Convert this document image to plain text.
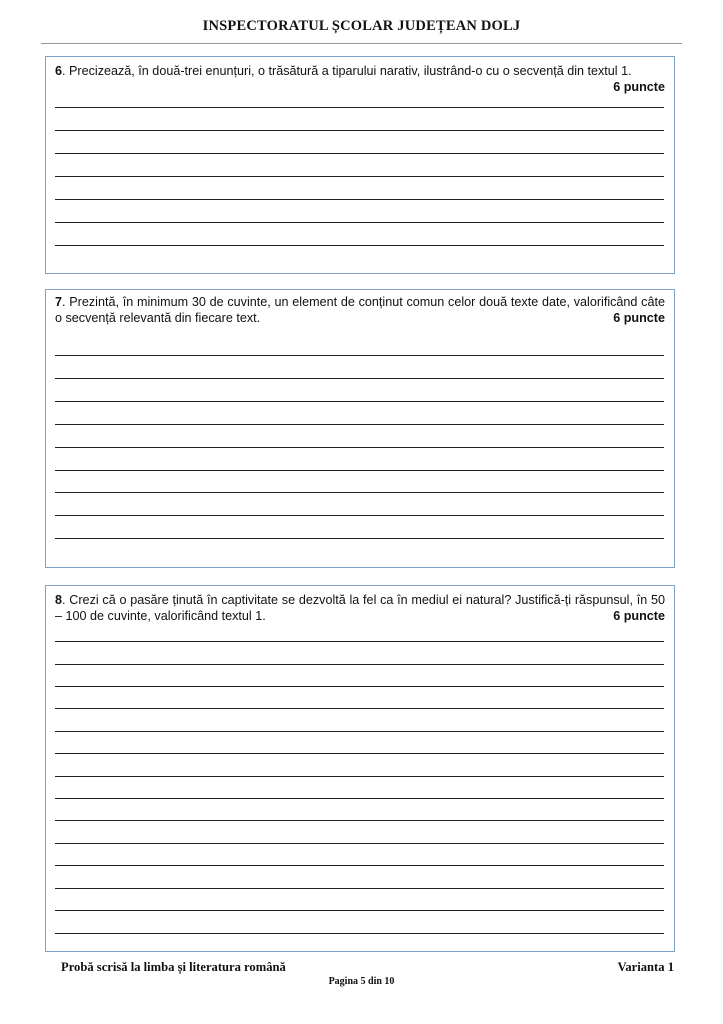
INSPECTORATUL ȘCOLAR JUDEȚEAN DOLJ
6. Precizează, în două-trei enunțuri, o trăsătură a tiparului narativ, ilustrând-o cu o secvență din textul 1.
6 puncte
7. Prezintă, în minimum 30 de cuvinte, un element de conținut comun celor două texte date, valorificând câte o secvență relevantă din fiecare text.	6 puncte
8. Crezi că o pasăre ținută în captivitate se dezvoltă la fel ca în mediul ei natural? Justifică-ți răspunsul, în 50 – 100 de cuvinte, valorificând textul 1.	6 puncte
Probă scrisă la limba și literatura română	Varianta 1
Pagina 5 din 10
